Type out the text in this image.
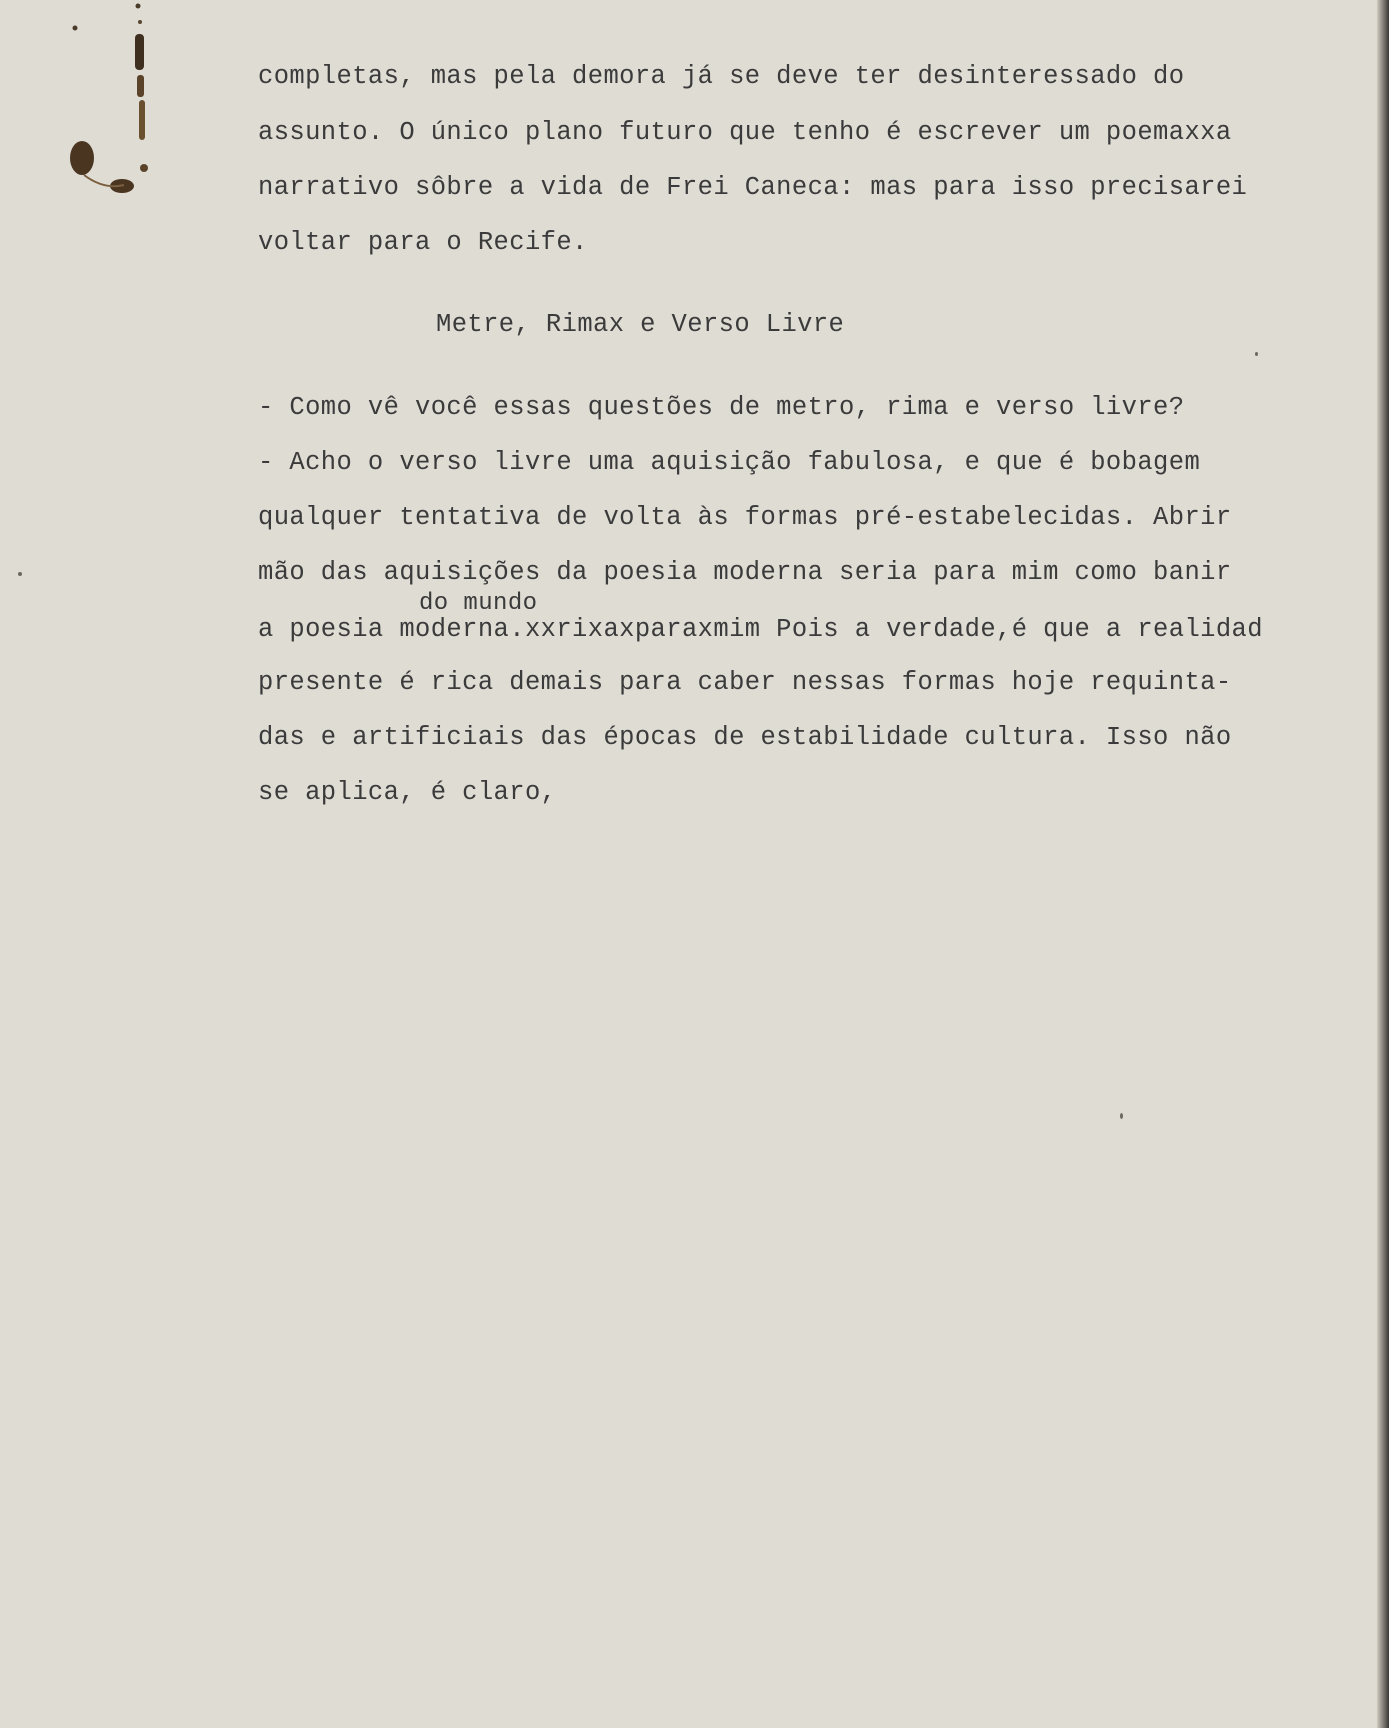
completas, mas pela demora já se deve ter desinteressado do
assunto. O único plano futuro que tenho é escrever um poemaxxa
narrativo sôbre a vida de Frei Caneca: mas para isso precisarei
voltar para o Recife.
Metre, Rimax e Verso Livre
- Como vê você essas questões de metro, rima e verso livre?
- Acho o verso livre uma aquisição fabulosa, e que é bobagem
qualquer tentativa de volta às formas pré-estabelecidas. Abrir
mão das aquisições da poesia moderna seria para mim como banir
do mundo
a poesia moderna.xxrixaxparaxmim Pois a verdade,é que a realidad
presente é rica demais para caber nessas formas hoje requinta-
das e artificiais das épocas de estabilidade cultura. Isso não
se aplica, é claro,
